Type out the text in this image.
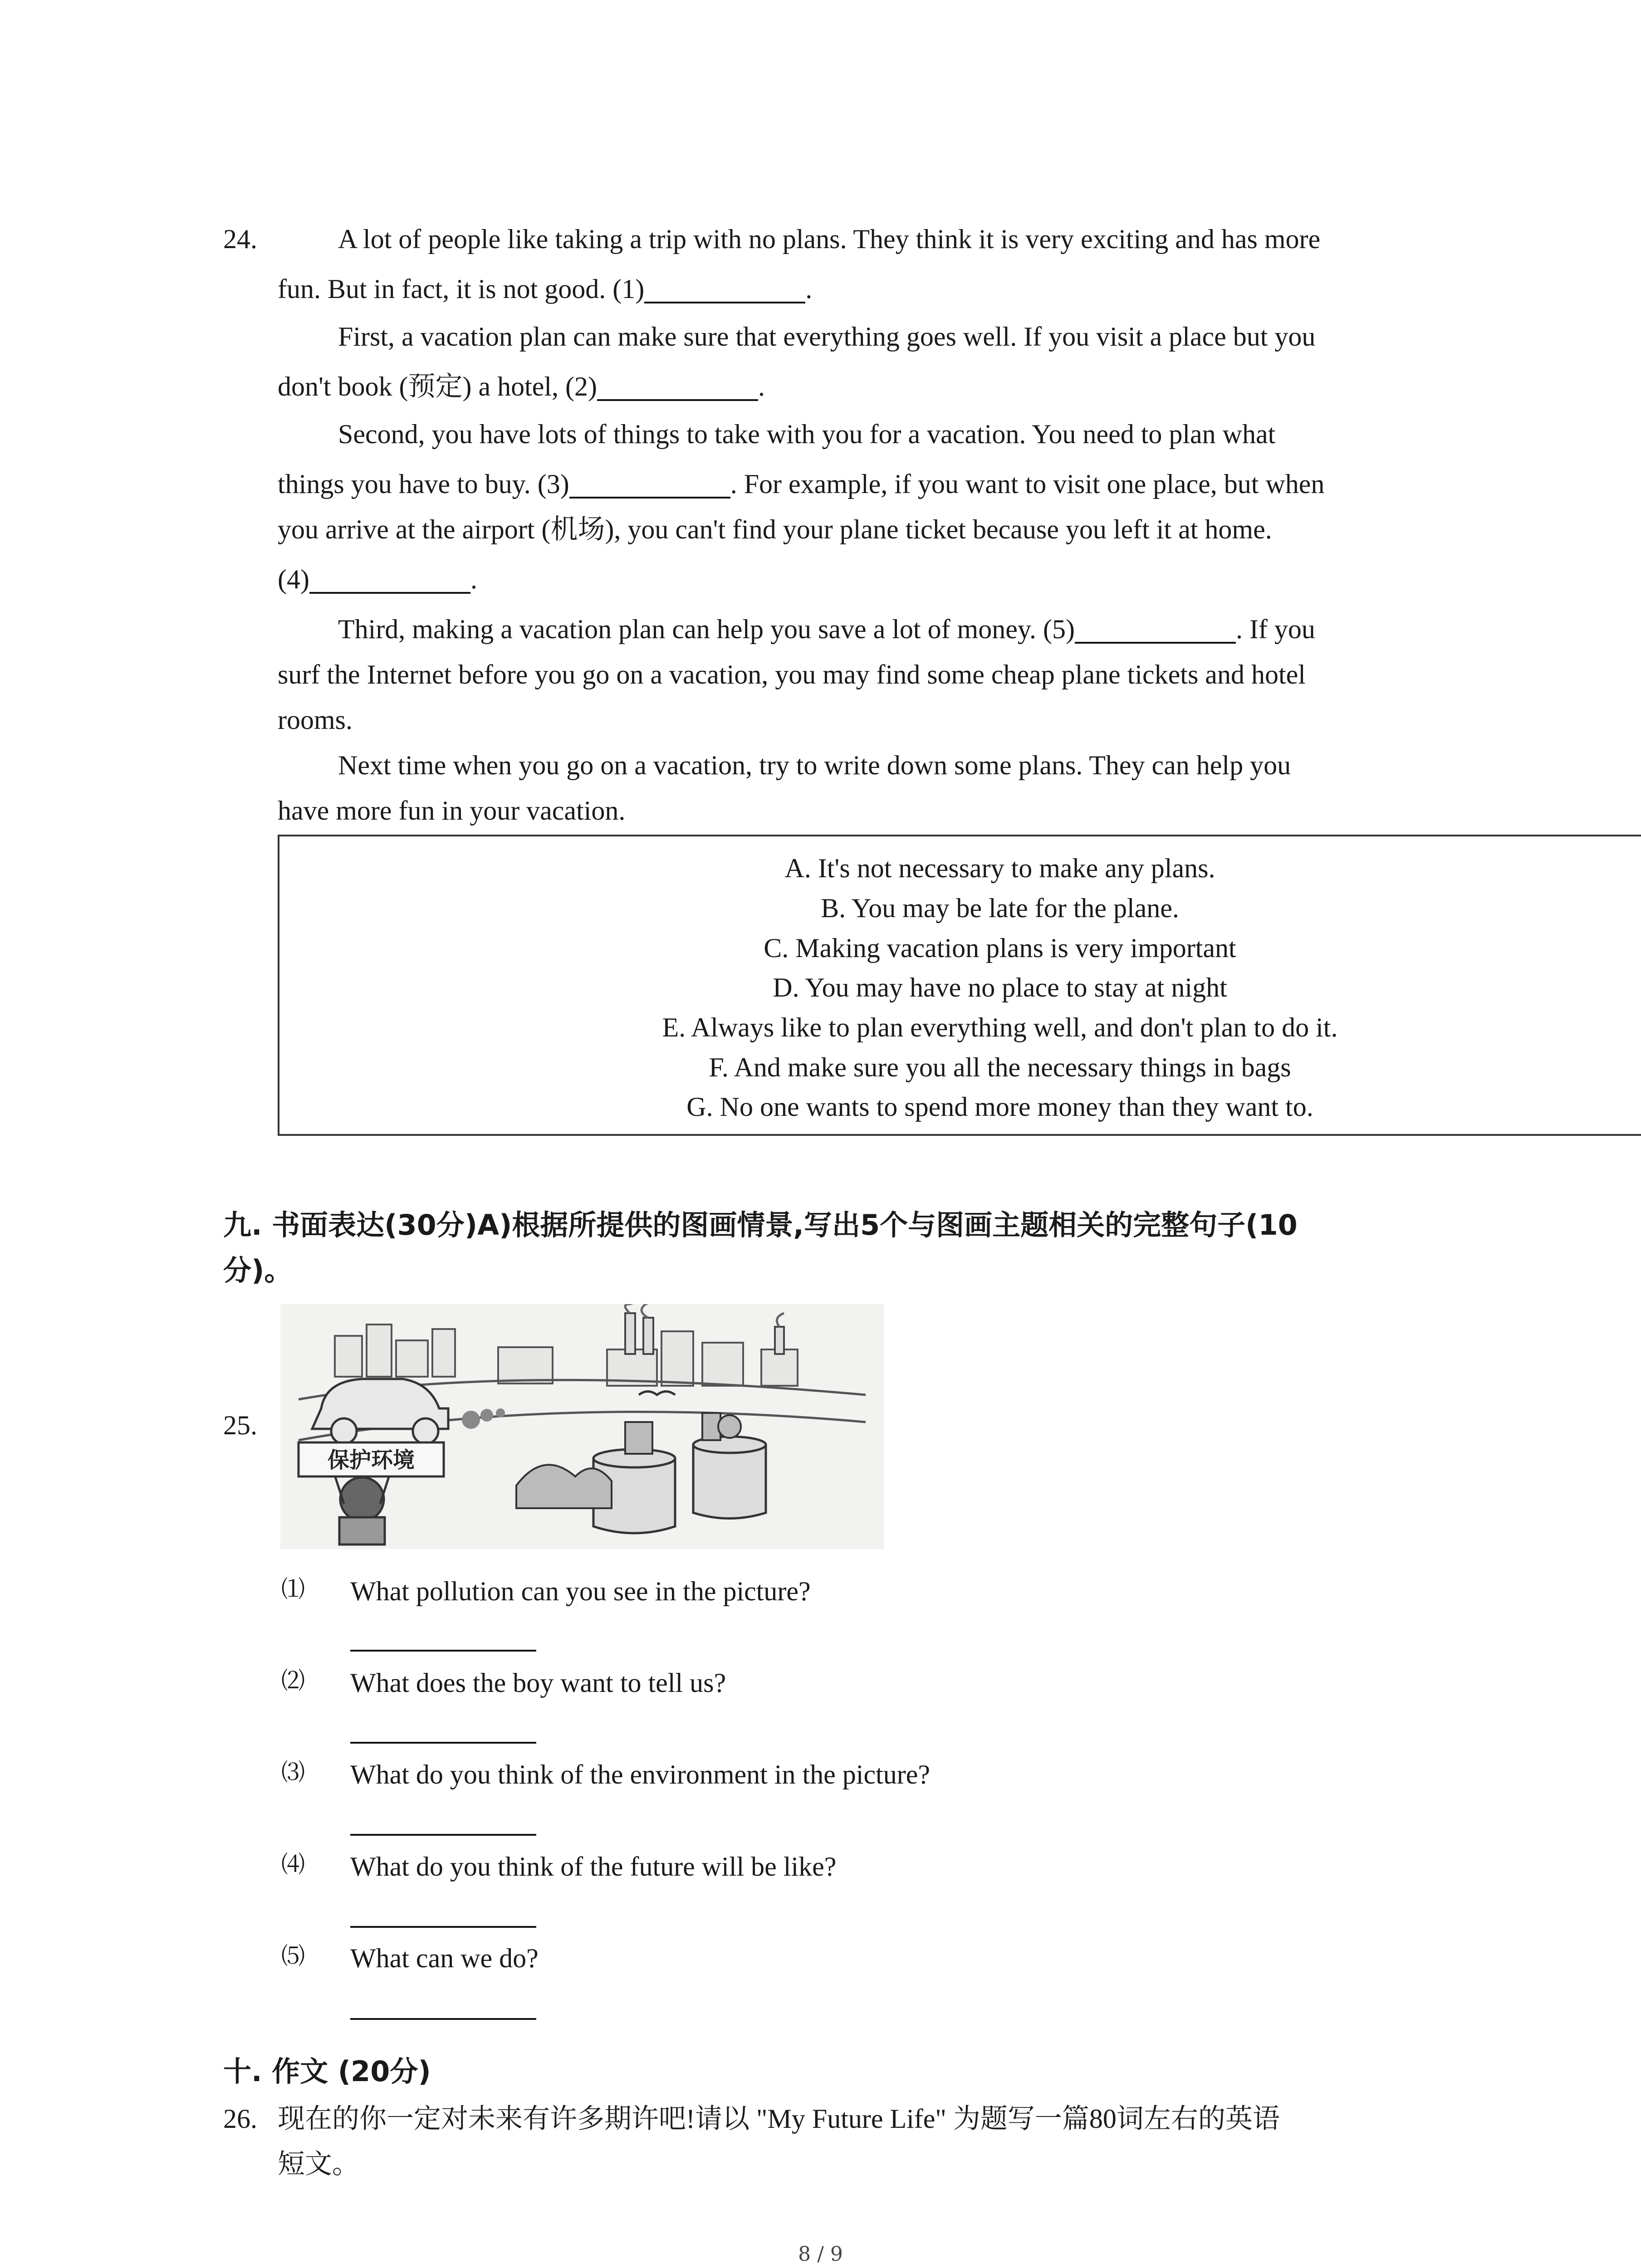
24.	A lot of people like taking a trip with no plans. They think it is very exciting and has more
fun. But in fact, it is not good. (1)	.
First, a vacation plan can make sure that everything goes well. If you visit a place but you
don't book (预定) a hotel, (2)	.
Second, you have lots of things to take with you for a vacation. You need to plan what
things you have to buy. (3)	. For example, if you want to visit one place, but when
you arrive at the airport (机场), you can't find your plane ticket because you left it at home.
(4)	.
Third, making a vacation plan can help you save a lot of money. (5)	. If you
surf the Internet before you go on a vacation, you may find some cheap plane tickets and hotel
rooms.
Next time when you go on a vacation, try to write down some plans. They can help you
have more fun in your vacation.
A. It's not necessary to make any plans.
B. You may be late for the plane.
C. Making vacation plans is very important
D. You may have no place to stay at night
E. Always like to plan everything well, and don't plan to do it.
F. And make sure you all the necessary things in bags
G. No one wants to spend more money than they want to.
九. 书面表达(30分)A)根据所提供的图画情景,写出5个与图画主题相关的完整句子(10
分)。
25.
保护环境
⑴ What pollution can you see in the picture?
⑵ What does the boy want to tell us?
⑶ What do you think of the environment in the picture?
⑷ What do you think of the future will be like?
⑸ What can we do?
十. 作文 (20分)
26. 现在的你一定对未来有许多期许吧!请以 "My Future Life" 为题写一篇80词左右的英语
短文。
8 / 9
